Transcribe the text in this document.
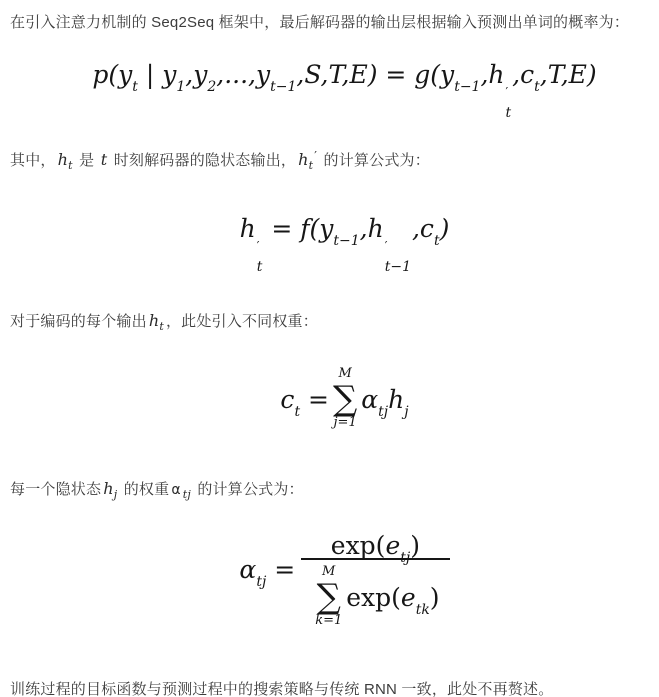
在引入注意力机制的 Seq2Seq 框架中，最后解码器的输出层根据输入预测出单词的概率为：

$p(y_t$ | $y_1,y_2,...,y_{t-1},S,T,E) = g(y_{t-1},h$
′
t
$,c_t,T,E$)

其中， $h_t$ 是 t 时刻解码器的隐状态输出， $h_t'$ 的计算公式为：

h
′
t
= $f(y_{t-1},h$
′
t−1
$,c_t$)

对于编码的每个输出 $h_t$ ，此处引入不同权重：

$c_t$ =
M
∑
j=1
$\alpha_{tj}h_j$

每一个隐状态 $h_j$ 的权重 α $_{tj}$ 的计算公式为：

$\alpha_{tj} = \exp(e_{tj})$
M
∑
k=1
$\exp(e_{tk})$

训练过程的目标函数与预测过程中的搜索策略与传统 RNN 一致，此处不再赘述。
